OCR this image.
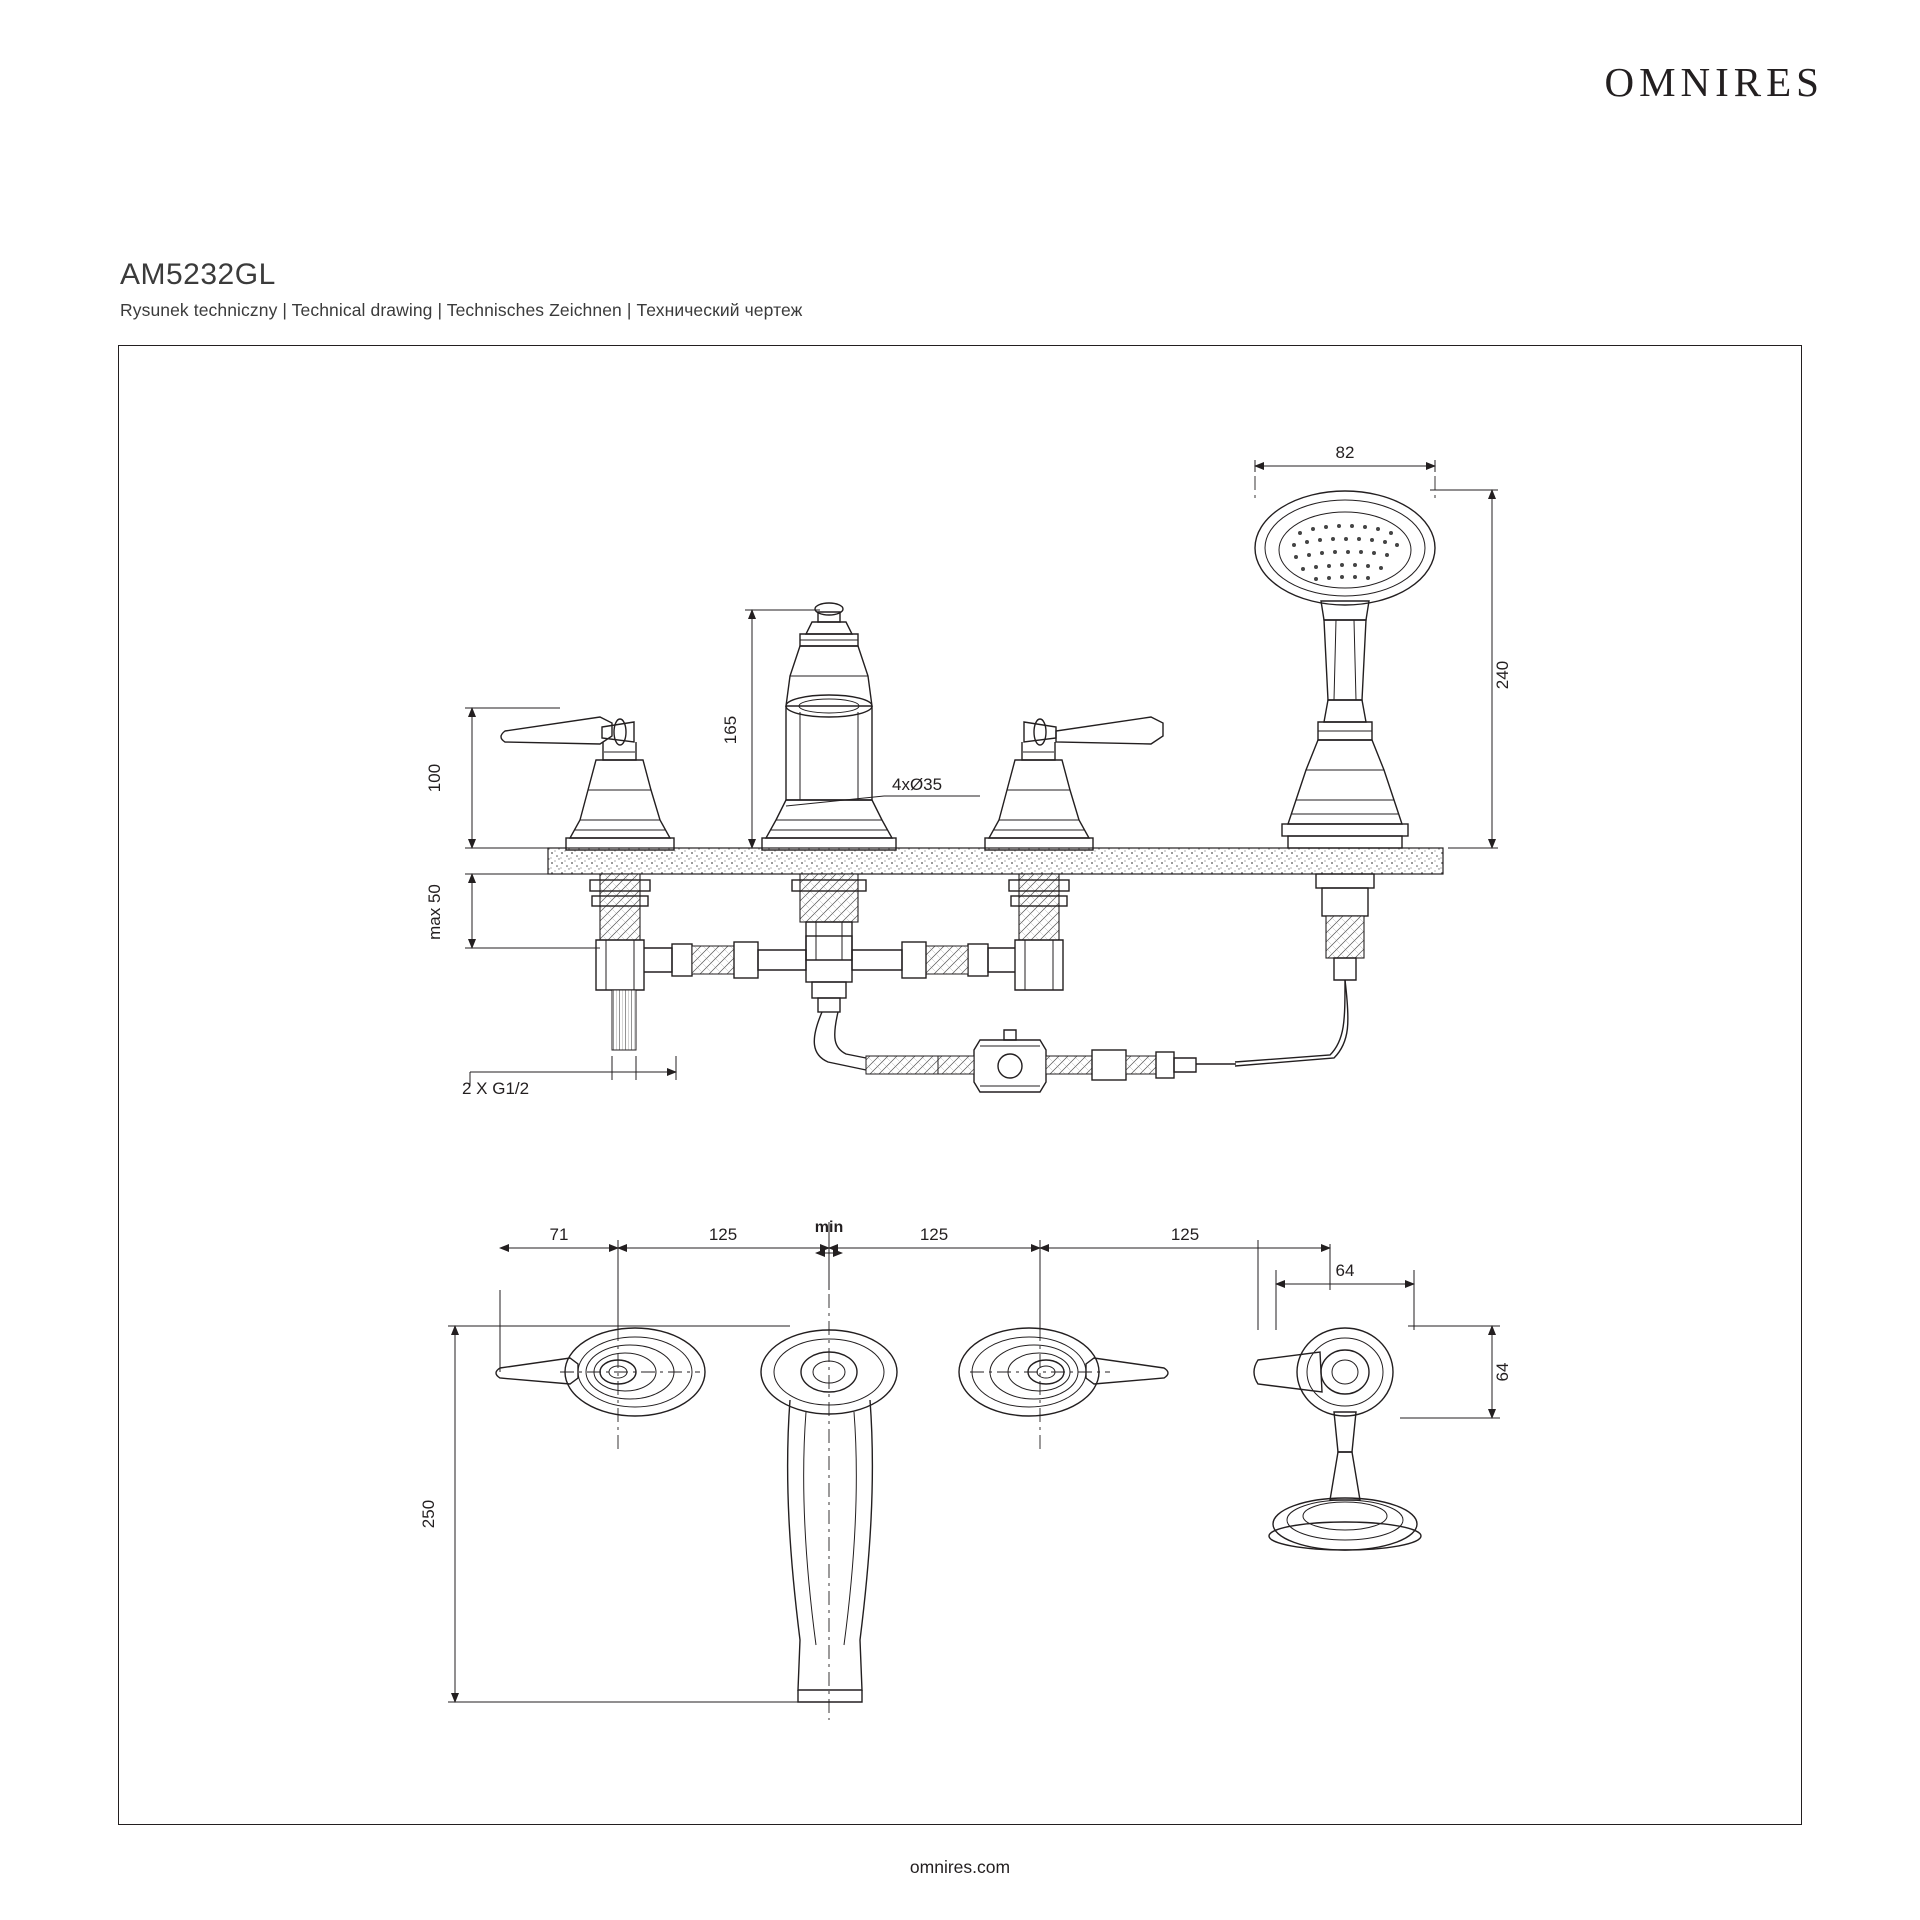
OMNIRES
AM5232GL
Rysunek techniczny | Technical drawing | Technisches Zeichnen | Технический чертеж
omnires.com
82
240
165
100
max 50
4xØ35
2 X G1/2
71	125	125	125
min
64
64
250
